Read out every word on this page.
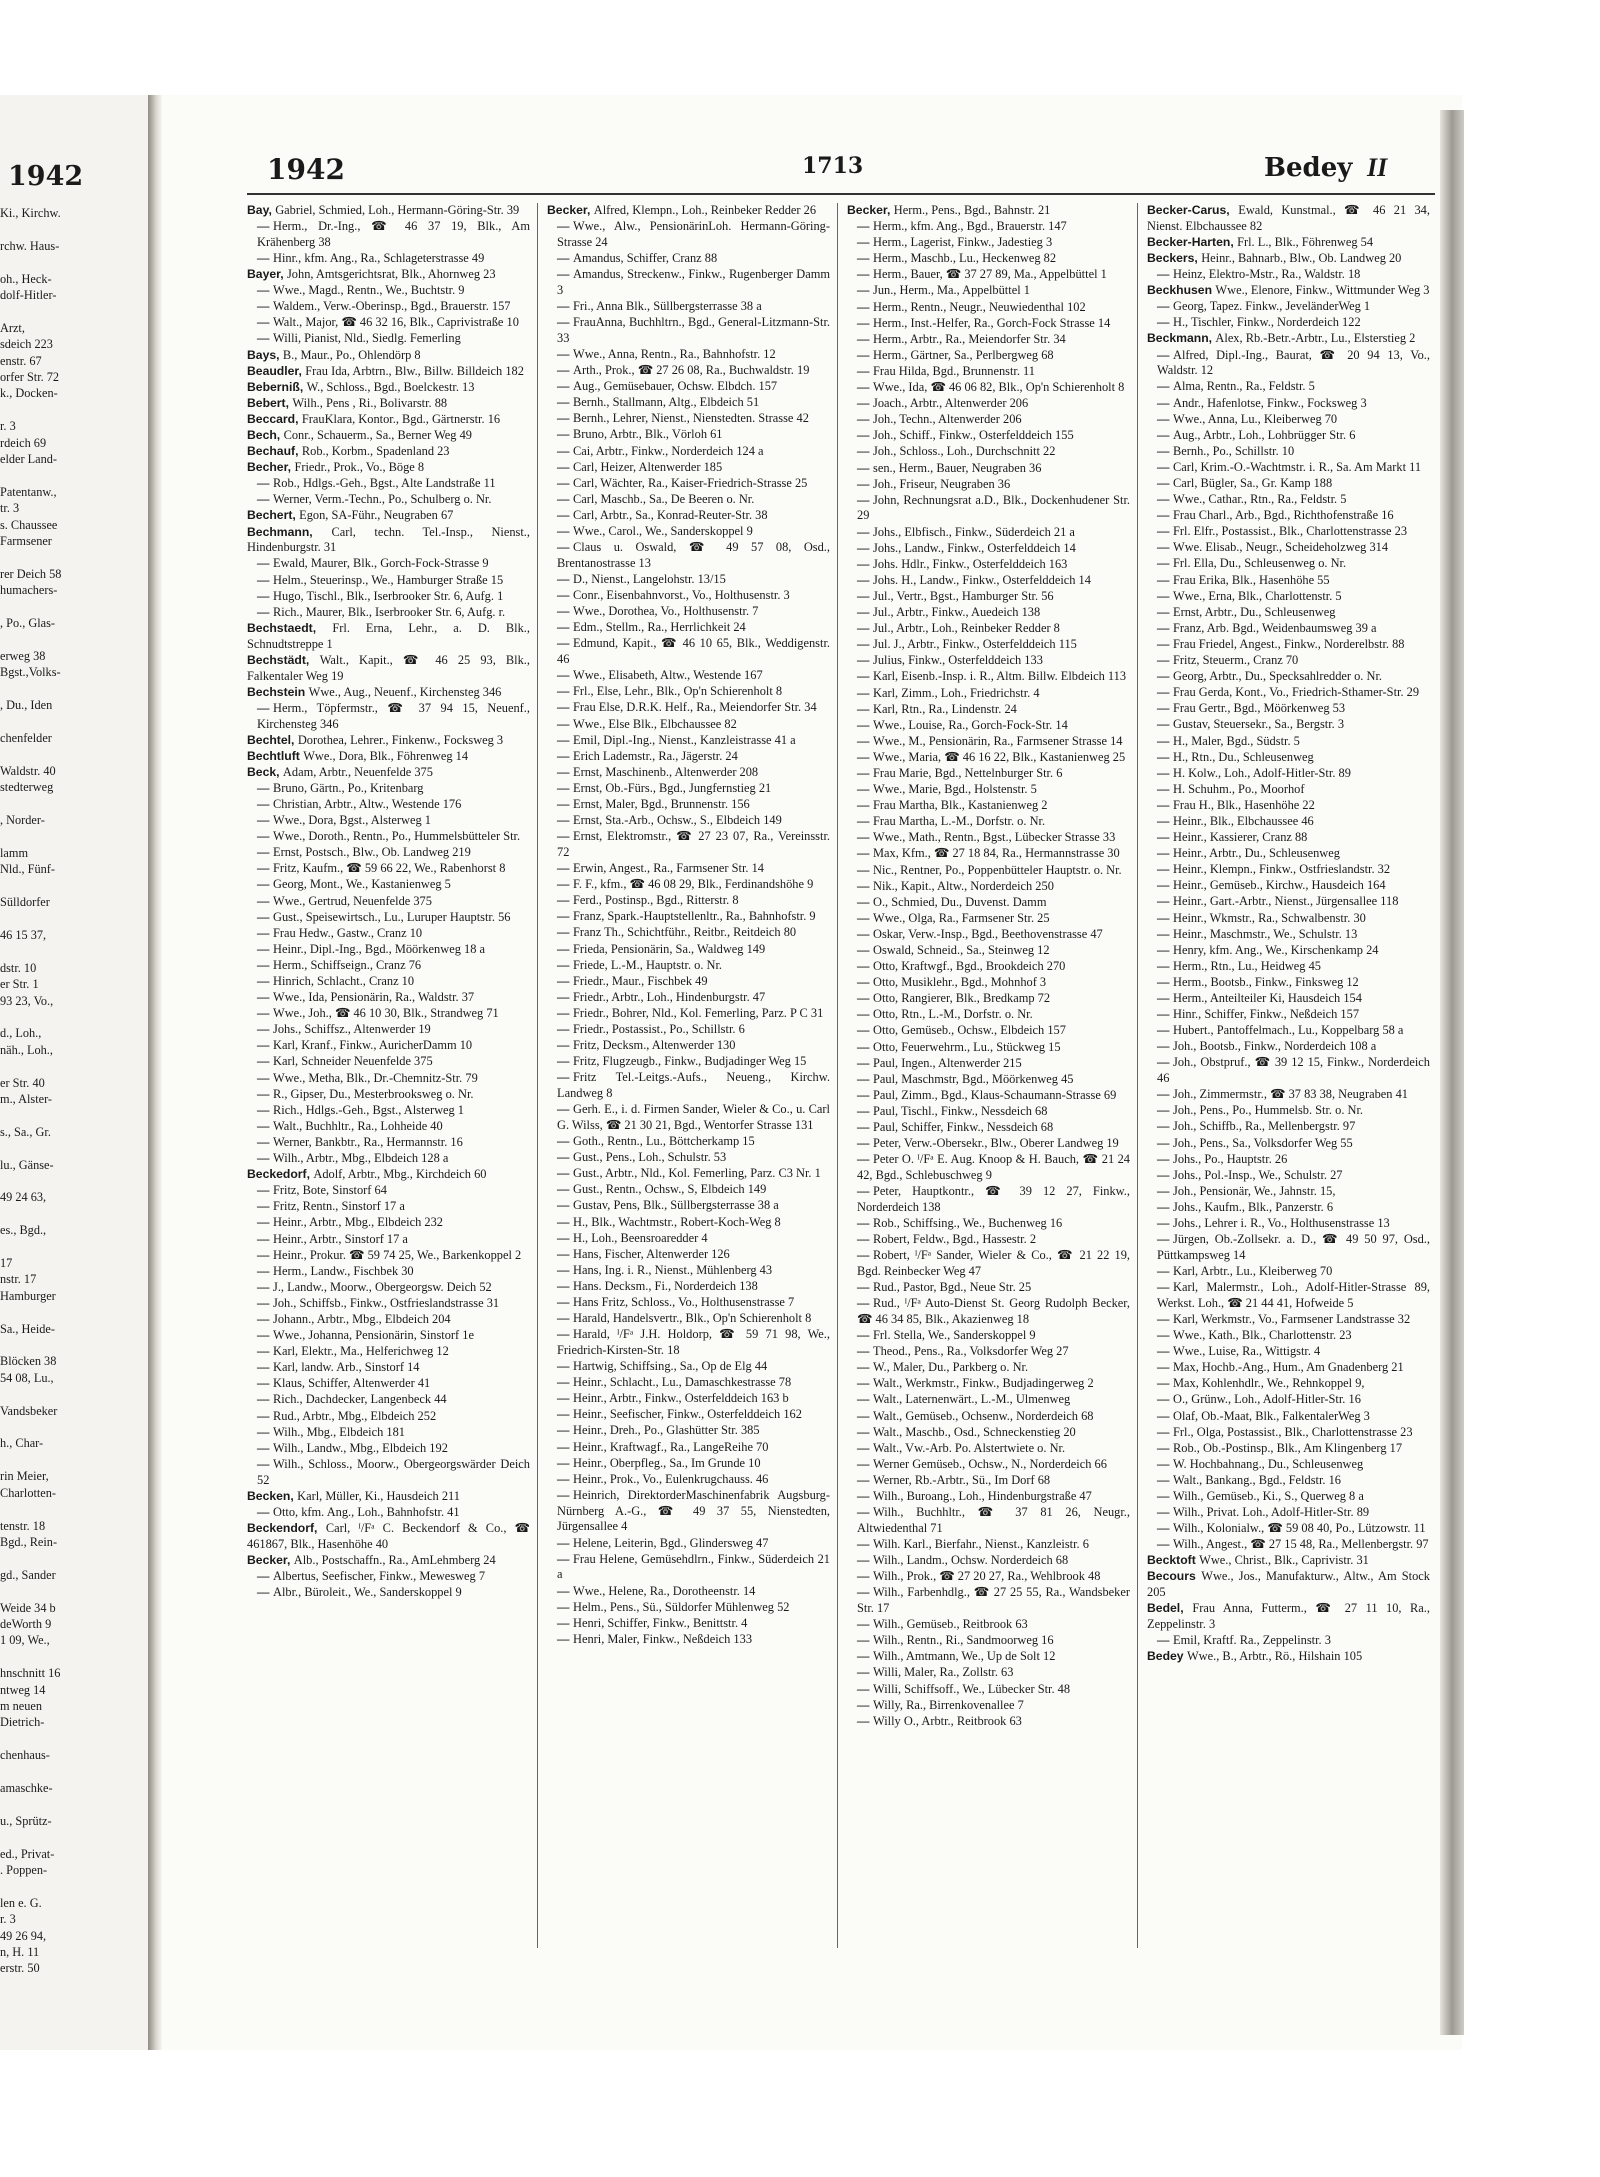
1942
Ki., Kirchw.

rchw. Haus-

oh., Heck-
dolf-Hitler-

Arzt,
sdeich 223
enstr. 67
orfer Str. 72
k., Docken-

r. 3
rdeich 69
elder Land-

Patentanw.,
tr. 3
s. Chaussee
Farmsener

rer Deich 58
humachers-

, Po., Glas-

erweg 38
Bgst.,Volks-

, Du., Iden

chenfelder

Waldstr. 40
stedterweg

, Norder-

lamm
Nld., Fünf-

Sülldorfer

46 15 37,

dstr. 10
er Str. 1
93 23, Vo.,

d., Loh.,
näh., Loh.,

er Str. 40
m., Alster-

s., Sa., Gr.

lu., Gänse-

49 24 63,

es., Bgd.,

17
nstr. 17
Hamburger

Sa., Heide-

Blöcken 38
54 08, Lu.,

Vandsbeker

h., Char-

rin Meier,
Charlotten-

tenstr. 18
Bgd., Rein-

gd., Sander

Weide 34 b
deWorth 9
1 09, We.,

hnschnitt 16
ntweg 14
m neuen
Dietrich-

chenhaus-

amaschke-

u., Sprütz-

ed., Privat-
. Poppen-

len e. G.
r. 3
49 26 94,
n, H. 11
erstr. 50
1942	1713	Bedey II
Bay, Gabriel, Schmied, Loh., Hermann-Göring-Str. 39
— Herm., Dr.-Ing., ☎ 46 37 19, Blk., Am Krähenberg 38
— Hinr., kfm. Ang., Ra., Schlageterstrasse 49
Bayer, John, Amtsgerichtsrat, Blk., Ahornweg 23
— Wwe., Magd., Rentn., We., Buchtstr. 9
— Waldem., Verw.-Oberinsp., Bgd., Brauerstr. 157
— Walt., Major, ☎ 46 32 16, Blk., Caprivistraße 10
— Willi, Pianist, Nld., Siedlg. Femerling
Bays, B., Maur., Po., Ohlendörp 8
Beaudler, Frau Ida, Arbtrn., Blw., Billw. Billdeich 182
Beberniß, W., Schloss., Bgd., Boelckestr. 13
Bebert, Wilh., Pens , Ri., Bolivarstr. 88
Beccard, FrauKlara, Kontor., Bgd., Gärtnerstr. 16
Bech, Conr., Schauerm., Sa., Berner Weg 49
Bechauf, Rob., Korbm., Spadenland 23
Becher, Friedr., Prok., Vo., Böge 8
— Rob., Hdlgs.-Geh., Bgst., Alte Landstraße 11
— Werner, Verm.-Techn., Po., Schulberg o. Nr.
Bechert, Egon, SA-Führ., Neugraben 67
Bechmann, Carl, techn. Tel.-Insp., Nienst., Hindenburgstr. 31
— Ewald, Maurer, Blk., Gorch-Fock-Strasse 9
— Helm., Steuerinsp., We., Hamburger Straße 15
— Hugo, Tischl., Blk., Iserbrooker Str. 6, Aufg. 1
— Rich., Maurer, Blk., Iserbrooker Str. 6, Aufg. r.
Bechstaedt, Frl. Erna, Lehr., a. D. Blk., Schnudtstreppe 1
Bechstädt, Walt., Kapit., ☎ 46 25 93, Blk., Falkentaler Weg 19
Bechstein Wwe., Aug., Neuenf., Kirchensteg 346
— Herm., Töpfermstr., ☎ 37 94 15, Neuenf., Kirchensteg 346
Bechtel, Dorothea, Lehrer., Finkenw., Focksweg 3
Bechtluft Wwe., Dora, Blk., Föhrenweg 14
Beck, Adam, Arbtr., Neuenfelde 375
— Bruno, Gärtn., Po., Kritenbarg
— Christian, Arbtr., Altw., Westende 176
— Wwe., Dora, Bgst., Alsterweg 1
— Wwe., Doroth., Rentn., Po., Hummelsbütteler Str.
— Ernst, Postsch., Blw., Ob. Landweg 219
— Fritz, Kaufm., ☎ 59 66 22, We., Rabenhorst 8
— Georg, Mont., We., Kastanienweg 5
— Wwe., Gertrud, Neuenfelde 375
— Gust., Speisewirtsch., Lu., Luruper Hauptstr. 56
— Frau Hedw., Gastw., Cranz 10
— Heinr., Dipl.-Ing., Bgd., Möörkenweg 18 a
— Herm., Schiffseign., Cranz 76
— Hinrich, Schlacht., Cranz 10
— Wwe., Ida, Pensionärin, Ra., Waldstr. 37
— Wwe., Joh., ☎ 46 10 30, Blk., Strandweg 71
— Johs., Schiffsz., Altenwerder 19
— Karl, Kranf., Finkw., AuricherDamm 10
— Karl, Schneider Neuenfelde 375
— Wwe., Metha, Blk., Dr.-Chemnitz-Str. 79
— R., Gipser, Du., Mesterbrooksweg o. Nr.
— Rich., Hdlgs.-Geh., Bgst., Alsterweg 1
— Walt., Buchhltr., Ra., Lohheide 40
— Werner, Bankbtr., Ra., Hermannstr. 16
— Wilh., Arbtr., Mbg., Elbdeich 128 a
Beckedorf, Adolf, Arbtr., Mbg., Kirchdeich 60
— Fritz, Bote, Sinstorf 64
— Fritz, Rentn., Sinstorf 17 a
— Heinr., Arbtr., Mbg., Elbdeich 232
— Heinr., Arbtr., Sinstorf 17 a
— Heinr., Prokur. ☎ 59 74 25, We., Barkenkoppel 2
— Herm., Landw., Fischbek 30
— J., Landw., Moorw., Obergeorgsw. Deich 52
— Joh., Schiffsb., Finkw., Ostfrieslandstrasse 31
— Johann., Arbtr., Mbg., Elbdeich 204
— Wwe., Johanna, Pensionärin, Sinstorf 1e
— Karl, Elektr., Ma., Helferichweg 12
— Karl, landw. Arb., Sinstorf 14
— Klaus, Schiffer, Altenwerder 41
— Rich., Dachdecker, Langenbeck 44
— Rud., Arbtr., Mbg., Elbdeich 252
— Wilh., Mbg., Elbdeich 181
— Wilh., Landw., Mbg., Elbdeich 192
— Wilh., Schloss., Moorw., Obergeorgswärder Deich 52
Becken, Karl, Müller, Ki., Hausdeich 211
— Otto, kfm. Ang., Loh., Bahnhofstr. 41
Beckendorf, Carl, ᴵ/Fᵃ C. Beckendorf & Co., ☎ 461867, Blk., Hasenhöhe 40
Becker, Alb., Postschaffn., Ra., AmLehmberg 24
— Albertus, Seefischer, Finkw., Mewesweg 7
— Albr., Büroleit., We., Sanderskoppel 9
Becker, Alfred, Klempn., Loh., Reinbeker Redder 26
— Wwe., Alw., PensionärinLoh. Hermann-Göring-Strasse 24
— Amandus, Schiffer, Cranz 88
— Amandus, Streckenw., Finkw., Rugenberger Damm 3
— Fri., Anna Blk., Süllbergsterrasse 38 a
— FrauAnna, Buchhltrn., Bgd., General-Litzmann-Str. 33
— Wwe., Anna, Rentn., Ra., Bahnhofstr. 12
— Arth., Prok., ☎ 27 26 08, Ra., Buchwaldstr. 19
— Aug., Gemüsebauer, Ochsw. Elbdch. 157
— Bernh., Stallmann, Altg., Elbdeich 51
— Bernh., Lehrer, Nienst., Nienstedten. Strasse 42
— Bruno, Arbtr., Blk., Vörloh 61
— Cai, Arbtr., Finkw., Norderdeich 124 a
— Carl, Heizer, Altenwerder 185
— Carl, Wächter, Ra., Kaiser-Friedrich-Strasse 25
— Carl, Maschb., Sa., De Beeren o. Nr.
— Carl, Arbtr., Sa., Konrad-Reuter-Str. 38
— Wwe., Carol., We., Sanderskoppel 9
— Claus u. Oswald, ☎ 49 57 08, Osd., Brentanostrasse 13
— D., Nienst., Langelohstr. 13/15
— Conr., Eisenbahnvorst., Vo., Holthusenstr. 3
— Wwe., Dorothea, Vo., Holthusenstr. 7
— Edm., Stellm., Ra., Herrlichkeit 24
— Edmund, Kapit., ☎ 46 10 65, Blk., Weddigenstr. 46
— Wwe., Elisabeth, Altw., Westende 167
— Frl., Else, Lehr., Blk., Op'n Schierenholt 8
— Frau Else, D.R.K. Helf., Ra., Meiendorfer Str. 34
— Wwe., Else Blk., Elbchaussee 82
— Emil, Dipl.-Ing., Nienst., Kanzleistrasse 41 a
— Erich Lademstr., Ra., Jägerstr. 24
— Ernst, Maschinenb., Altenwerder 208
— Ernst, Ob.-Fürs., Bgd., Jungfernstieg 21
— Ernst, Maler, Bgd., Brunnenstr. 156
— Ernst, Sta.-Arb., Ochsw., S., Elbdeich 149
— Ernst, Elektromstr., ☎ 27 23 07, Ra., Vereinsstr. 72
— Erwin, Angest., Ra., Farmsener Str. 14
— F. F., kfm., ☎ 46 08 29, Blk., Ferdinandshöhe 9
— Ferd., Postinsp., Bgd., Ritterstr. 8
— Franz, Spark.-Hauptstellenltr., Ra., Bahnhofstr. 9
— Franz Th., Schichtführ., Reitbr., Reitdeich 80
— Frieda, Pensionärin, Sa., Waldweg 149
— Friede, L.-M., Hauptstr. o. Nr.
— Friedr., Maur., Fischbek 49
— Friedr., Arbtr., Loh., Hindenburgstr. 47
— Friedr., Bohrer, Nld., Kol. Femerling, Parz. P C 31
— Friedr., Postassist., Po., Schillstr. 6
— Fritz, Decksm., Altenwerder 130
— Fritz, Flugzeugb., Finkw., Budjadinger Weg 15
— Fritz Tel.-Leitgs.-Aufs., Neueng., Kirchw. Landweg 8
— Gerh. E., i. d. Firmen Sander, Wieler & Co., u. Carl G. Wilss, ☎ 21 30 21, Bgd., Wentorfer Strasse 131
— Goth., Rentn., Lu., Böttcherkamp 15
— Gust., Pens., Loh., Schulstr. 53
— Gust., Arbtr., Nld., Kol. Femerling, Parz. C3 Nr. 1
— Gust., Rentn., Ochsw., S, Elbdeich 149
— Gustav, Pens, Blk., Süllbergsterrasse 38 a
— H., Blk., Wachtmstr., Robert-Koch-Weg 8
— H., Loh., Beensroaredder 4
— Hans, Fischer, Altenwerder 126
— Hans, Ing. i. R., Nienst., Mühlenberg 43
— Hans. Decksm., Fi., Norderdeich 138
— Hans Fritz, Schloss., Vo., Holthusenstrasse 7
— Harald, Handelsvertr., Blk., Op'n Schierenholt 8
— Harald, ᴵ/Fᵃ J.H. Holdorp, ☎ 59 71 98, We., Friedrich-Kirsten-Str. 18
— Hartwig, Schiffsing., Sa., Op de Elg 44
— Heinr., Schlacht., Lu., Damaschkestrasse 78
— Heinr., Arbtr., Finkw., Osterfelddeich 163 b
— Heinr., Seefischer, Finkw., Osterfelddeich 162
— Heinr., Dreh., Po., Glashütter Str. 385
— Heinr., Kraftwagf., Ra., LangeReihe 70
— Heinr., Oberpfleg., Sa., Im Grunde 10
— Heinr., Prok., Vo., Eulenkrugchauss. 46
— Heinrich, DirektorderMaschinenfabrik Augsburg-Nürnberg A.-G., ☎ 49 37 55, Nienstedten, Jürgensallee 4
— Helene, Leiterin, Bgd., Glindersweg 47
— Frau Helene, Gemüsehdlrn., Finkw., Süderdeich 21 a
— Wwe., Helene, Ra., Dorotheenstr. 14
— Helm., Pens., Sü., Süldorfer Mühlenweg 52
— Henri, Schiffer, Finkw., Benittstr. 4
— Henri, Maler, Finkw., Neßdeich 133
Becker, Herm., Pens., Bgd., Bahnstr. 21
— Herm., kfm. Ang., Bgd., Brauerstr. 147
— Herm., Lagerist, Finkw., Jadestieg 3
— Herm., Maschb., Lu., Heckenweg 82
— Herm., Bauer, ☎ 37 27 89, Ma., Appelbüttel 1
— Jun., Herm., Ma., Appelbüttel 1
— Herm., Rentn., Neugr., Neuwiedenthal 102
— Herm., Inst.-Helfer, Ra., Gorch-Fock Strasse 14
— Herm., Arbtr., Ra., Meiendorfer Str. 34
— Herm., Gärtner, Sa., Perlbergweg 68
— Frau Hilda, Bgd., Brunnenstr. 11
— Wwe., Ida, ☎ 46 06 82, Blk., Op'n Schierenholt 8
— Joach., Arbtr., Altenwerder 206
— Joh., Techn., Altenwerder 206
— Joh., Schiff., Finkw., Osterfelddeich 155
— Joh., Schloss., Loh., Durchschnitt 22
— sen., Herm., Bauer, Neugraben 36
— Joh., Friseur, Neugraben 36
— John, Rechnungsrat a.D., Blk., Dockenhudener Str. 29
— Johs., Elbfisch., Finkw., Süderdeich 21 a
— Johs., Landw., Finkw., Osterfelddeich 14
— Johs. Hdlr., Finkw., Osterfelddeich 163
— Johs. H., Landw., Finkw., Osterfelddeich 14
— Jul., Vertr., Bgst., Hamburger Str. 56
— Jul., Arbtr., Finkw., Auedeich 138
— Jul., Arbtr., Loh., Reinbeker Redder 8
— Jul. J., Arbtr., Finkw., Osterfelddeich 115
— Julius, Finkw., Osterfelddeich 133
— Karl, Eisenb.-Insp. i. R., Altm. Billw. Elbdeich 113
— Karl, Zimm., Loh., Friedrichstr. 4
— Karl, Rtn., Ra., Lindenstr. 24
— Wwe., Louise, Ra., Gorch-Fock-Str. 14
— Wwe., M., Pensionärin, Ra., Farmsener Strasse 14
— Wwe., Maria, ☎ 46 16 22, Blk., Kastanienweg 25
— Frau Marie, Bgd., Nettelnburger Str. 6
— Wwe., Marie, Bgd., Holstenstr. 5
— Frau Martha, Blk., Kastanienweg 2
— Frau Martha, L.-M., Dorfstr. o. Nr.
— Wwe., Math., Rentn., Bgst., Lübecker Strasse 33
— Max, Kfm., ☎ 27 18 84, Ra., Hermannstrasse 30
— Nic., Rentner, Po., Poppenbütteler Hauptstr. o. Nr.
— Nik., Kapit., Altw., Norderdeich 250
— O., Schmied, Du., Duvenst. Damm
— Wwe., Olga, Ra., Farmsener Str. 25
— Oskar, Verw.-Insp., Bgd., Beethovenstrasse 47
— Oswald, Schneid., Sa., Steinweg 12
— Otto, Kraftwgf., Bgd., Brookdeich 270
— Otto, Musiklehr., Bgd., Mohnhof 3
— Otto, Rangierer, Blk., Bredkamp 72
— Otto, Rtn., L.-M., Dorfstr. o. Nr.
— Otto, Gemüseb., Ochsw., Elbdeich 157
— Otto, Feuerwehrm., Lu., Stückweg 15
— Paul, Ingen., Altenwerder 215
— Paul, Maschmstr, Bgd., Möörkenweg 45
— Paul, Zimm., Bgd., Klaus-Schaumann-Strasse 69
— Paul, Tischl., Finkw., Nessdeich 68
— Paul, Schiffer, Finkw., Nessdeich 68
— Peter, Verw.-Obersekr., Blw., Oberer Landweg 19
— Peter O. ᴵ/Fᵃ E. Aug. Knoop & H. Bauch, ☎ 21 24 42, Bgd., Schlebuschweg 9
— Peter, Hauptkontr., ☎ 39 12 27, Finkw., Norderdeich 138
— Rob., Schiffsing., We., Buchenweg 16
— Robert, Feldw., Bgd., Hassestr. 2
— Robert, ᴵ/Fᵃ Sander, Wieler & Co., ☎ 21 22 19, Bgd. Reinbecker Weg 47
— Rud., Pastor, Bgd., Neue Str. 25
— Rud., ᴵ/Fᵃ Auto-Dienst St. Georg Rudolph Becker, ☎ 46 34 85, Blk., Akazienweg 18
— Frl. Stella, We., Sanderskoppel 9
— Theod., Pens., Ra., Volksdorfer Weg 27
— W., Maler, Du., Parkberg o. Nr.
— Walt., Werkmstr., Finkw., Budjadingerweg 2
— Walt., Laternenwärt., L.-M., Ulmenweg
— Walt., Gemüseb., Ochsenw., Norderdeich 68
— Walt., Maschb., Osd., Schneckenstieg 20
— Walt., Vw.-Arb. Po. Alstertwiete o. Nr.
— Werner Gemüseb., Ochsw., N., Norderdeich 66
— Werner, Rb.-Arbtr., Sü., Im Dorf 68
— Wilh., Buroang., Loh., Hindenburgstraße 47
— Wilh., Buchhltr., ☎ 37 81 26, Neugr., Altwiedenthal 71
— Wilh. Karl., Bierfahr., Nienst., Kanzleistr. 6
— Wilh., Landm., Ochsw. Norderdeich 68
— Wilh., Prok., ☎ 27 20 27, Ra., Wehlbrook 48
— Wilh., Farbenhdlg., ☎ 27 25 55, Ra., Wandsbeker Str. 17
— Wilh., Gemüseb., Reitbrook 63
— Wilh., Rentn., Ri., Sandmoorweg 16
— Wilh., Amtmann, We., Up de Solt 12
— Willi, Maler, Ra., Zollstr. 63
— Willi, Schiffsoff., We., Lübecker Str. 48
— Willy, Ra., Birrenkovenallee 7
— Willy O., Arbtr., Reitbrook 63
Becker-Carus, Ewald, Kunstmal., ☎ 46 21 34, Nienst. Elbchaussee 82
Becker-Harten, Frl. L., Blk., Föhrenweg 54
Beckers, Heinr., Bahnarb., Blw., Ob. Landweg 20
— Heinz, Elektro-Mstr., Ra., Waldstr. 18
Beckhusen Wwe., Elenore, Finkw., Wittmunder Weg 3
— Georg, Tapez. Finkw., JeveländerWeg 1
— H., Tischler, Finkw., Norderdeich 122
Beckmann, Alex, Rb.-Betr.-Arbtr., Lu., Elsterstieg 2
— Alfred, Dipl.-Ing., Baurat, ☎ 20 94 13, Vo., Waldstr. 12
— Alma, Rentn., Ra., Feldstr. 5
— Andr., Hafenlotse, Finkw., Focksweg 3
— Wwe., Anna, Lu., Kleiberweg 70
— Aug., Arbtr., Loh., Lohbrügger Str. 6
— Bernh., Po., Schillstr. 10
— Carl, Krim.-O.-Wachtmstr. i. R., Sa. Am Markt 11
— Carl, Bügler, Sa., Gr. Kamp 188
— Wwe., Cathar., Rtn., Ra., Feldstr. 5
— Frau Charl., Arb., Bgd., Richthofenstraße 16
— Frl. Elfr., Postassist., Blk., Charlottenstrasse 23
— Wwe. Elisab., Neugr., Scheideholzweg 314
— Frl. Ella, Du., Schleusenweg o. Nr.
— Frau Erika, Blk., Hasenhöhe 55
— Wwe., Erna, Blk., Charlottenstr. 5
— Ernst, Arbtr., Du., Schleusenweg
— Franz, Arb. Bgd., Weidenbaumsweg 39 a
— Frau Friedel, Angest., Finkw., Norderelbstr. 88
— Fritz, Steuerm., Cranz 70
— Georg, Arbtr., Du., Specksahlredder o. Nr.
— Frau Gerda, Kont., Vo., Friedrich-Sthamer-Str. 29
— Frau Gertr., Bgd., Möörkenweg 53
— Gustav, Steuersekr., Sa., Bergstr. 3
— H., Maler, Bgd., Südstr. 5
— H., Rtn., Du., Schleusenweg
— H. Kolw., Loh., Adolf-Hitler-Str. 89
— H. Schuhm., Po., Moorhof
— Frau H., Blk., Hasenhöhe 22
— Heinr., Blk., Elbchaussee 46
— Heinr., Kassierer, Cranz 88
— Heinr., Arbtr., Du., Schleusenweg
— Heinr., Klempn., Finkw., Ostfrieslandstr. 32
— Heinr., Gemüseb., Kirchw., Hausdeich 164
— Heinr., Gart.-Arbtr., Nienst., Jürgensallee 118
— Heinr., Wkmstr., Ra., Schwalbenstr. 30
— Heinr., Maschmstr., We., Schulstr. 13
— Henry, kfm. Ang., We., Kirschenkamp 24
— Herm., Rtn., Lu., Heidweg 45
— Herm., Bootsb., Finkw., Finksweg 12
— Herm., Anteilteiler Ki, Hausdeich 154
— Hinr., Schiffer, Finkw., Neßdeich 157
— Hubert., Pantoffelmach., Lu., Koppelbarg 58 a
— Joh., Bootsb., Finkw., Norderdeich 108 a
— Joh., Obstpruf., ☎ 39 12 15, Finkw., Norderdeich 46
— Joh., Zimmermstr., ☎ 37 83 38, Neugraben 41
— Joh., Pens., Po., Hummelsb. Str. o. Nr.
— Joh., Schiffb., Ra., Mellenbergstr. 97
— Joh., Pens., Sa., Volksdorfer Weg 55
— Johs., Po., Hauptstr. 26
— Johs., Pol.-Insp., We., Schulstr. 27
— Joh., Pensionär, We., Jahnstr. 15,
— Johs., Kaufm., Blk., Panzerstr. 6
— Johs., Lehrer i. R., Vo., Holthusenstrasse 13
— Jürgen, Ob.-Zollsekr. a. D., ☎ 49 50 97, Osd., Püttkampsweg 14
— Karl, Arbtr., Lu., Kleiberweg 70
— Karl, Malermstr., Loh., Adolf-Hitler-Strasse 89, Werkst. Loh., ☎ 21 44 41, Hofweide 5
— Karl, Werkmstr., Vo., Farmsener Landstrasse 32
— Wwe., Kath., Blk., Charlottenstr. 23
— Wwe., Luise, Ra., Wittigstr. 4
— Max, Hochb.-Ang., Hum., Am Gnadenberg 21
— Max, Kohlenhdlr., We., Rehnkoppel 9,
— O., Grünw., Loh., Adolf-Hitler-Str. 16
— Olaf, Ob.-Maat, Blk., FalkentalerWeg 3
— Frl., Olga, Postassist., Blk., Charlottenstrasse 23
— Rob., Ob.-Postinsp., Blk., Am Klingenberg 17
— W. Hochbahnang., Du., Schleusenweg
— Walt., Bankang., Bgd., Feldstr. 16
— Wilh., Gemüseb., Ki., S., Querweg 8 a
— Wilh., Privat. Loh., Adolf-Hitler-Str. 89
— Wilh., Kolonialw., ☎ 59 08 40, Po., Lützowstr. 11
— Wilh., Angest., ☎ 27 15 48, Ra., Mellenbergstr. 97
Becktoft Wwe., Christ., Blk., Caprivistr. 31
Becours Wwe., Jos., Manufakturw., Altw., Am Stock 205
Bedel, Frau Anna, Futterm., ☎ 27 11 10, Ra., Zeppelinstr. 3
— Emil, Kraftf. Ra., Zeppelinstr. 3
Bedey Wwe., B., Arbtr., Rö., Hilshain 105
